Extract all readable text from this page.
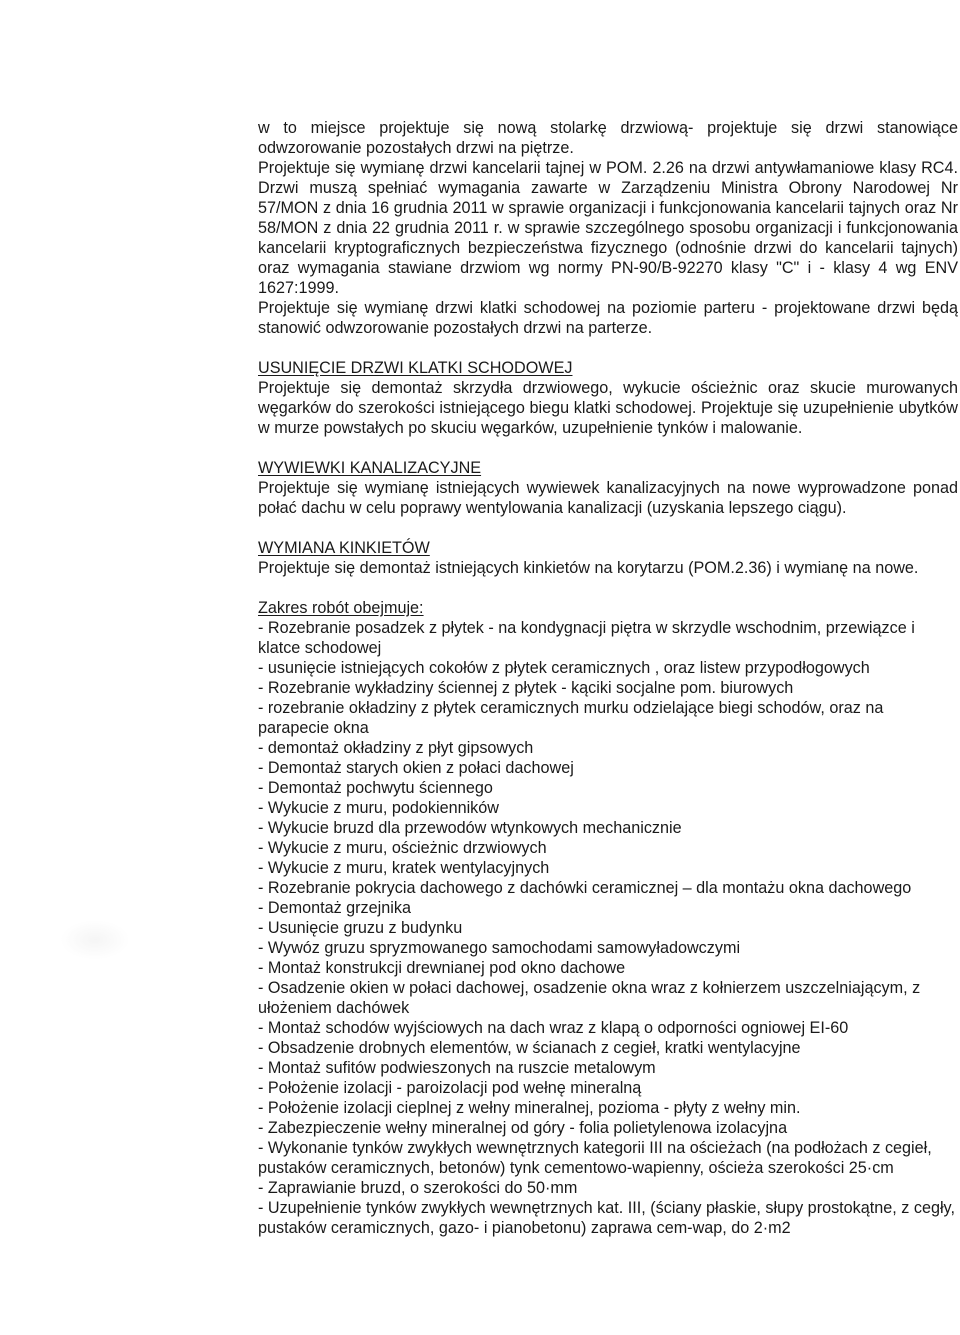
w to miejsce projektuje się nową stolarkę drzwiową- projektuje się drzwi stanowiące odwzorowanie pozostałych drzwi na piętrze.

Projektuje się wymianę drzwi kancelarii tajnej w POM. 2.26 na drzwi antywłamaniowe klasy RC4. Drzwi muszą spełniać wymagania zawarte w Zarządzeniu Ministra Obrony Narodowej Nr 57/MON z dnia 16 grudnia 2011 w sprawie organizacji i funkcjonowania kancelarii tajnych oraz Nr 58/MON z dnia 22 grudnia 2011 r. w sprawie szczególnego sposobu organizacji i funkcjonowania kancelarii kryptograficznych bezpieczeństwa fizycznego (odnośnie drzwi do kancelarii tajnych) oraz wymagania stawiane drzwiom wg normy PN-90/B-92270 klasy "C" i - klasy 4 wg ENV 1627:1999.

Projektuje się wymianę drzwi klatki schodowej na poziomie parteru - projektowane drzwi będą stanowić odwzorowanie pozostałych drzwi na parterze.

USUNIĘCIE DRZWI KLATKI SCHODOWEJ

Projektuje się demontaż skrzydła drzwiowego, wykucie ościeżnic oraz skucie murowanych węgarków do szerokości istniejącego biegu klatki schodowej. Projektuje się uzupełnienie ubytków w murze powstałych po skuciu węgarków, uzupełnienie tynków i malowanie.

WYWIEWKI KANALIZACYJNE

Projektuje się wymianę istniejących wywiewek kanalizacyjnych na nowe wyprowadzone ponad połać dachu w celu poprawy wentylowania kanalizacji (uzyskania lepszego ciągu).

WYMIANA KINKIETÓW

Projektuje się demontaż istniejących kinkietów na korytarzu (POM.2.36) i wymianę na nowe.

Zakres robót obejmuje:

- Rozebranie posadzek z płytek - na kondygnacji piętra w skrzydle wschodnim, przewiązce i klatce schodowej
- usunięcie istniejących cokołów z płytek ceramicznych , oraz listew przypodłogowych
- Rozebranie wykładziny ściennej z płytek - kąciki socjalne pom. biurowych
- rozebranie okładziny z płytek ceramicznych murku odzielające biegi schodów, oraz na parapecie okna
- demontaż okładziny z płyt gipsowych
- Demontaż starych okien z połaci dachowej
- Demontaż pochwytu ściennego
- Wykucie z muru, podokienników
- Wykucie bruzd dla przewodów wtynkowych mechanicznie
- Wykucie z muru, ościeżnic drzwiowych
- Wykucie z muru, kratek wentylacyjnych
- Rozebranie pokrycia dachowego z dachówki ceramicznej – dla montażu okna dachowego
- Demontaż grzejnika
- Usunięcie gruzu z budynku
- Wywóz gruzu spryzmowanego samochodami samowyładowczymi
- Montaż konstrukcji drewnianej pod okno dachowe
- Osadzenie okien w połaci dachowej, osadzenie okna wraz z kołnierzem uszczelniającym, z ułożeniem dachówek
- Montaż schodów wyjściowych na dach wraz z klapą o odporności ogniowej EI-60
- Obsadzenie drobnych elementów, w ścianach z cegieł, kratki wentylacyjne
- Montaż sufitów podwieszonych na ruszcie metalowym
- Położenie izolacji - paroizolacji pod wełnę mineralną
- Położenie izolacji cieplnej z wełny mineralnej, pozioma - płyty z wełny min.
- Zabezpieczenie wełny mineralnej od góry - folia polietylenowa izolacyjna
- Wykonanie tynków zwykłych wewnętrznych kategorii III na ościeżach (na podłożach z cegieł, pustaków ceramicznych, betonów) tynk cementowo-wapienny, ościeża szerokości 25·cm
- Zaprawianie bruzd, o szerokości do 50·mm
- Uzupełnienie tynków zwykłych wewnętrznych kat. III, (ściany płaskie, słupy prostokątne, z cegły, pustaków ceramicznych, gazo- i pianobetonu) zaprawa cem-wap, do 2·m2
